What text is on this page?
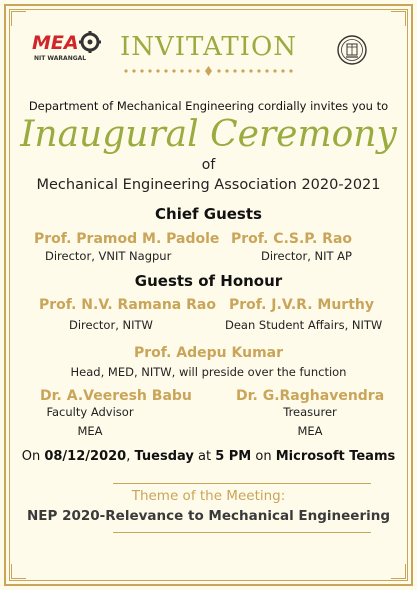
MEA
NIT WARANGAL	INVITATION
Department of Mechanical Engineering cordially invites you to
Inaugural Ceremony
of
Mechanical Engineering Association 2020-2021
Chief Guests
Prof. Pramod M. Padole
Director, VNIT Nagpur
Prof. C.S.P. Rao
Director, NIT AP
Guests of Honour
Prof. N.V. Ramana Rao
Director, NITW
Prof. J.V.R. Murthy
Dean Student Affairs, NITW
Prof. Adepu Kumar
Head, MED, NITW, will preside over the function
Dr. A.Veeresh Babu
Faculty Advisor
MEA
Dr. G.Raghavendra
Treasurer
MEA
On 08/12/2020, Tuesday at 5 PM on Microsoft Teams
Theme of the Meeting:
NEP 2020-Relevance to Mechanical Engineering
